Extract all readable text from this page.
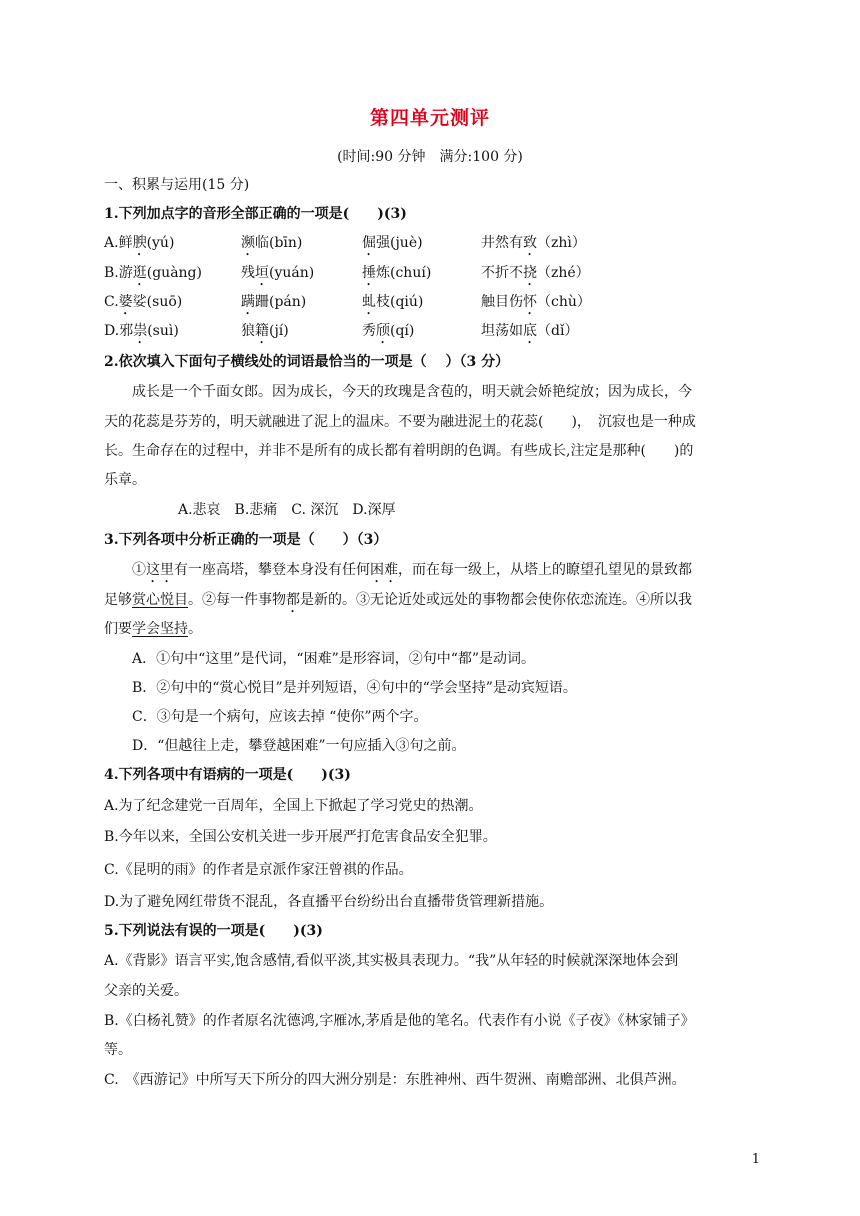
第四单元测评
(时间:90 分钟　满分:100 分)
一、积累与运用(15 分)
1.下列加点字的音形全部正确的一项是(　　)(3)
A.鲜腴(yú)	濒临(bīn)	倔强(juè)	井然有致（zhì）
B.游逛(guàng)	残垣(yuán)	捶炼(chuí)	不折不挠（zhé）
C.婆娑(suō)	蹒跚(pán)	虬枝(qiú)	触目伤怀（chù）
D.邪祟(suì)	狼籍(jí)	秀颀(qí)	坦荡如底（dǐ）
2.依次填入下面句子横线处的词语最恰当的一项是（　 ）（3 分）
成长是一个千面女郎。因为成长，今天的玫瑰是含苞的，明天就会娇艳绽放；因为成长，今
天的花蕊是芬芳的，明天就融进了泥上的温床。不要为融进泥土的花蕊(　　)，　沉寂也是一种成
长。生命存在的过程中，并非不是所有的成长都有着明朗的色调。有些成长,注定是那种(　　)的
乐章。
A.悲哀　B.悲痛　C. 深沉　D.深厚
3.下列各项中分析正确的一项是（　　）（3）
①这里有一座高塔，攀登本身没有任何困难，而在每一级上，从塔上的瞭望孔望见的景致都
足够赏心悦目。②每一件事物都是新的。③无论近处或远处的事物都会使你依恋流连。④所以我
们要学会坚持。
A．①句中“这里”是代词，“困难”是形容词，②句中“都”是动词。
B．②句中的“赏心悦目”是并列短语，④句中的“学会坚持”是动宾短语。
C．③句是一个病句，应该去掉 “使你”两个字。
D．“但越往上走，攀登越困难”一句应插入③句之前。
4.下列各项中有语病的一项是(　　)(3)
A.为了纪念建党一百周年，全国上下掀起了学习党史的热潮。
B.今年以来，全国公安机关进一步开展严打危害食品安全犯罪。
C.《昆明的雨》的作者是京派作家汪曾祺的作品。
D.为了避免网红带货不混乱，各直播平台纷纷出台直播带货管理新措施。
5.下列说法有误的一项是(　　)(3)
A.《背影》语言平实,饱含感情,看似平淡,其实极具表现力。“我”从年轻的时候就深深地体会到
父亲的关爱。
B.《白杨礼赞》的作者原名沈德鸿,字雁冰,茅盾是他的笔名。代表作有小说《子夜》《林家铺子》
等。
C.　《西游记》中所写天下所分的四大洲分别是：东胜神州、西牛贺洲、南赡部洲、北俱芦洲。
1
